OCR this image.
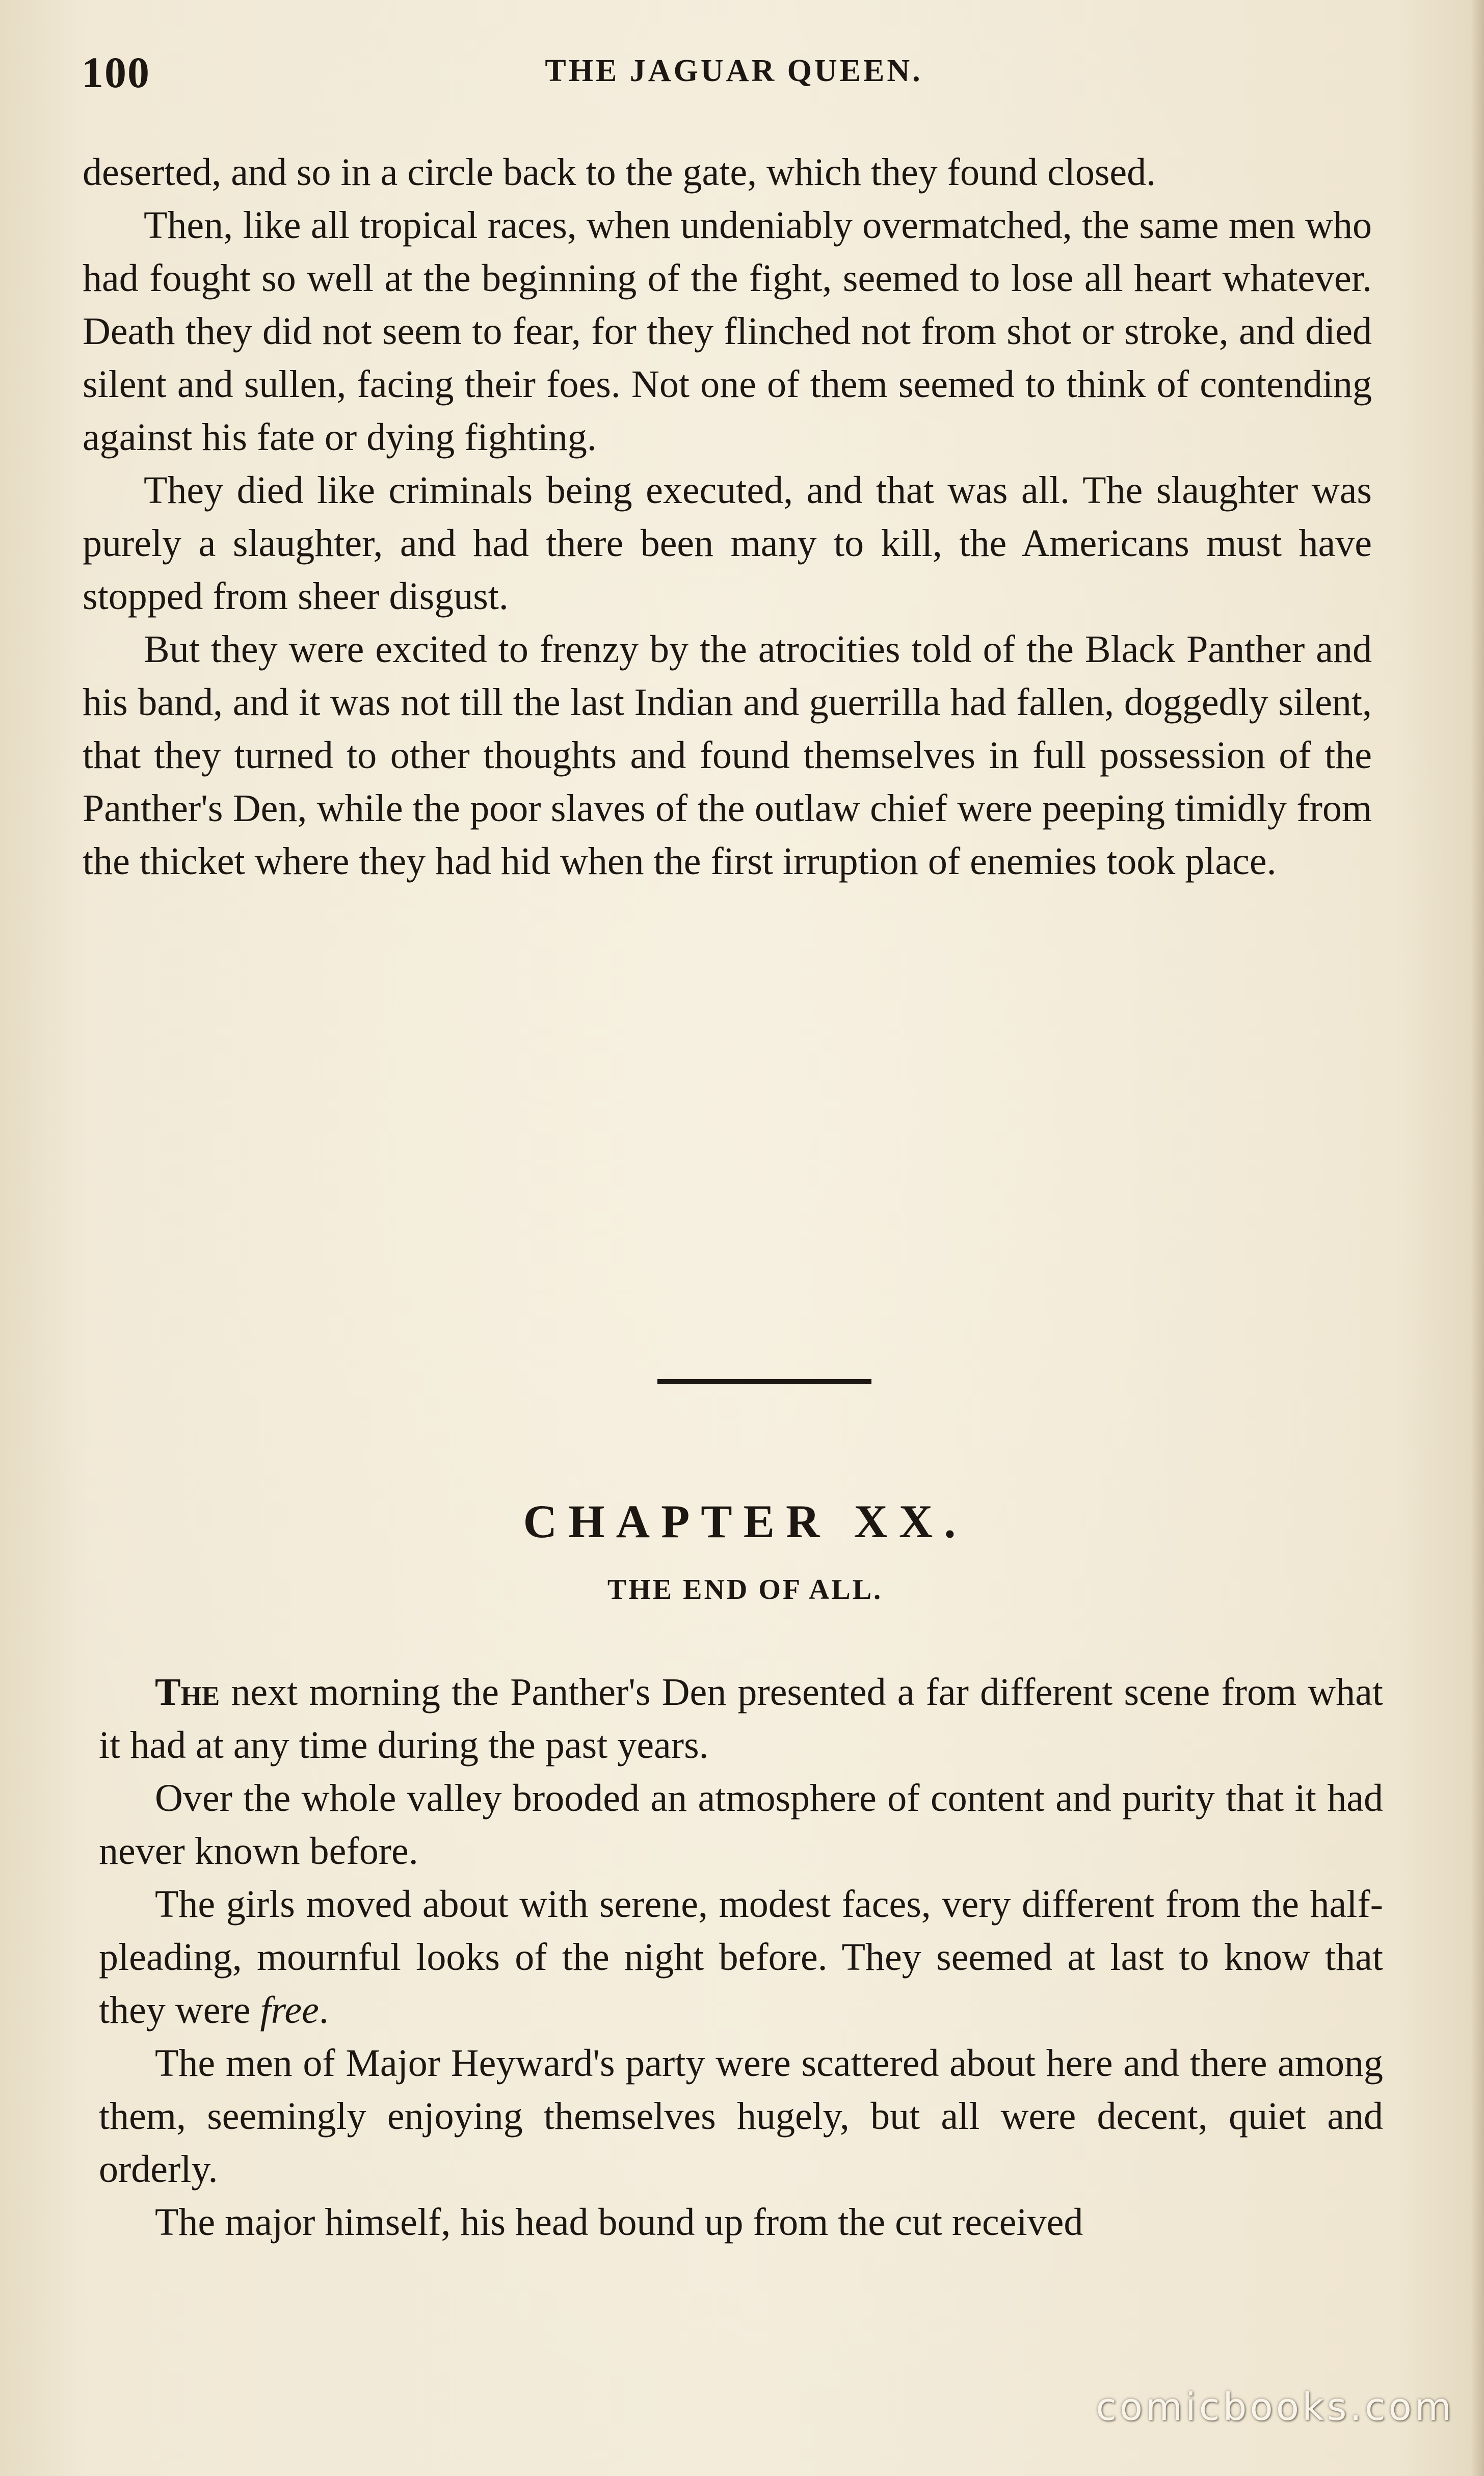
100	THE JAGUAR QUEEN.

deserted, and so in a circle back to the gate, which they found closed.

Then, like all tropical races, when undeniably overmatched, the same men who had fought so well at the beginning of the fight, seemed to lose all heart whatever. Death they did not seem to fear, for they flinched not from shot or stroke, and died silent and sullen, facing their foes. Not one of them seemed to think of contending against his fate or dying fighting.

They died like criminals being executed, and that was all. The slaughter was purely a slaughter, and had there been many to kill, the Americans must have stopped from sheer disgust.

But they were excited to frenzy by the atrocities told of the Black Panther and his band, and it was not till the last Indian and guerrilla had fallen, doggedly silent, that they turned to other thoughts and found themselves in full possession of the Panther's Den, while the poor slaves of the outlaw chief were peeping timidly from the thicket where they had hid when the first irruption of enemies took place.

CHAPTER XX.
THE END OF ALL.

The next morning the Panther's Den presented a far different scene from what it had at any time during the past years.

Over the whole valley brooded an atmosphere of content and purity that it had never known before.

The girls moved about with serene, modest faces, very different from the half-pleading, mournful looks of the night before. They seemed at last to know that they were free.

The men of Major Heyward's party were scattered about here and there among them, seemingly enjoying themselves hugely, but all were decent, quiet and orderly.

The major himself, his head bound up from the cut received

comicbooks.com
